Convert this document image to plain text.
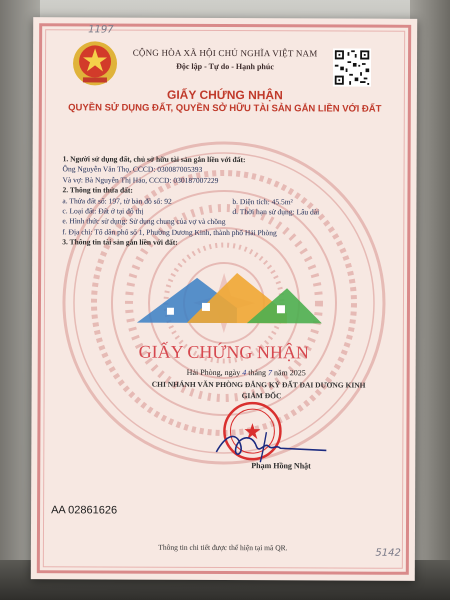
1197
CỘNG HÒA XÃ HỘI CHỦ NGHĨA VIỆT NAM
Độc lập - Tự do - Hạnh phúc
GIẤY CHỨNG NHẬN
QUYỀN SỬ DỤNG ĐẤT, QUYỀN SỞ HỮU TÀI SẢN GẮN LIỀN VỚI ĐẤT
1. Người sử dụng đất, chủ sở hữu tài sản gắn liền với đất:
Ông Nguyễn Văn Thọ, CCCD: 030087005393
Và vợ: Bà Nguyễn Thị Hảo, CCCD: 030187007229
2. Thông tin thửa đất:
a. Thửa đất số: 197, tờ bản đồ số: 92	b. Diện tích: 45.5m²
c. Loại đất: Đất ở tại đô thị	d. Thời hạn sử dụng: Lâu dài
e. Hình thức sử dụng: Sử dụng chung của vợ và chồng
f. Địa chỉ: Tổ dân phố số 1, Phường Dương Kinh, thành phố Hải Phòng
3. Thông tin tài sản gắn liền với đất:
GIẤY CHỨNG NHẬN
Hải Phòng, ngày 4 tháng 7 năm 2025
CHI NHÁNH VĂN PHÒNG ĐĂNG KÝ ĐẤT ĐAI DƯƠNG KINH
GIÁM ĐỐC
Phạm Hồng Nhật
AA 02861626
Thông tin chi tiết được thể hiện tại mã QR.
5142
